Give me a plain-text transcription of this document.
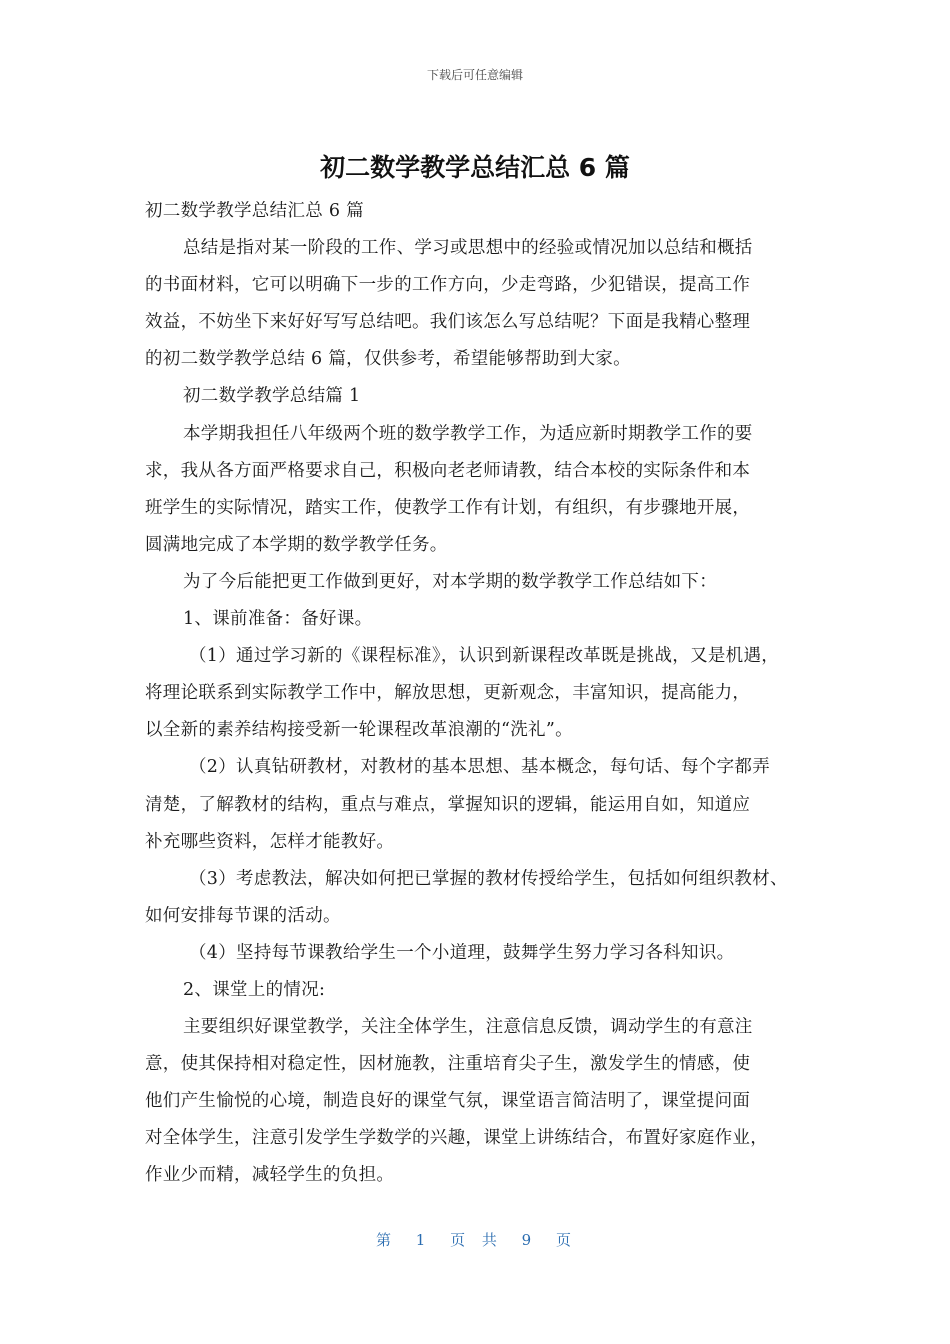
下载后可任意编辑
初二数学教学总结汇总 6 篇
初二数学教学总结汇总 6 篇
总结是指对某一阶段的工作、学习或思想中的经验或情况加以总结和概括
的书面材料，它可以明确下一步的工作方向，少走弯路，少犯错误，提高工作
效益，不妨坐下来好好写写总结吧。我们该怎么写总结呢？下面是我精心整理
的初二数学教学总结 6 篇，仅供参考，希望能够帮助到大家。
初二数学教学总结篇 1
本学期我担任八年级两个班的数学教学工作，为适应新时期教学工作的要
求，我从各方面严格要求自己，积极向老老师请教，结合本校的实际条件和本
班学生的实际情况，踏实工作，使教学工作有计划，有组织，有步骤地开展，
圆满地完成了本学期的数学教学任务。
为了今后能把更工作做到更好，对本学期的数学教学工作总结如下：
1、课前准备：备好课。
（1）通过学习新的《课程标准》，认识到新课程改革既是挑战，又是机遇，
将理论联系到实际教学工作中，解放思想，更新观念，丰富知识，提高能力，
以全新的素养结构接受新一轮课程改革浪潮的“洗礼”。
（2）认真钻研教材，对教材的基本思想、基本概念，每句话、每个字都弄
清楚，了解教材的结构，重点与难点，掌握知识的逻辑，能运用自如，知道应
补充哪些资料，怎样才能教好。
（3）考虑教法，解决如何把已掌握的教材传授给学生，包括如何组织教材、
如何安排每节课的活动。
（4）坚持每节课教给学生一个小道理，鼓舞学生努力学习各科知识。
2、课堂上的情况:
主要组织好课堂教学，关注全体学生，注意信息反馈，调动学生的有意注
意，使其保持相对稳定性，因材施教，注重培育尖子生，激发学生的情感，使
他们产生愉悦的心境，制造良好的课堂气氛，课堂语言简洁明了，课堂提问面
对全体学生，注意引发学生学数学的兴趣，课堂上讲练结合，布置好家庭作业，
作业少而精，减轻学生的负担。
第 1 页 共 9 页
